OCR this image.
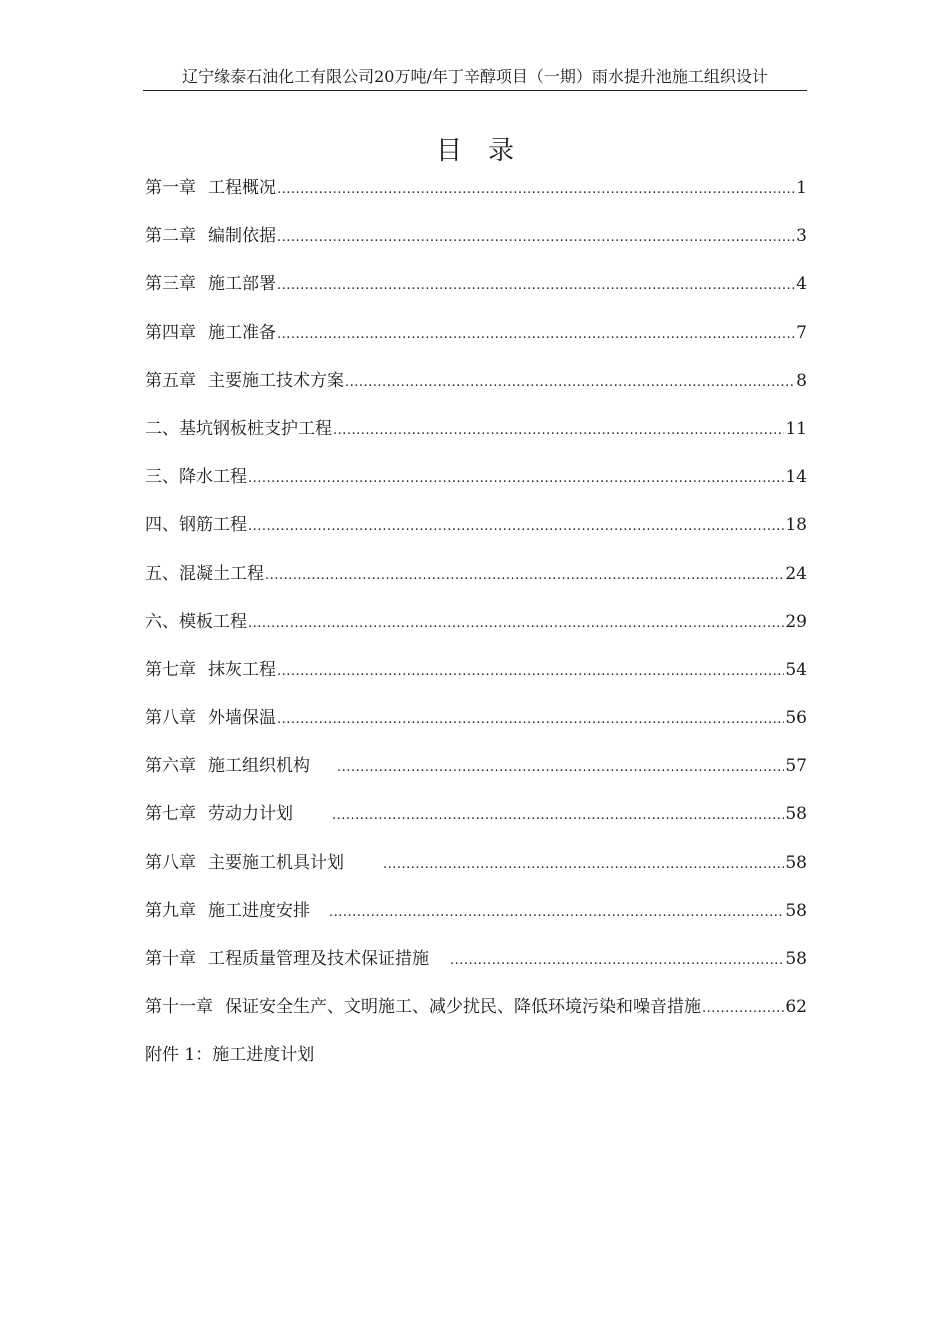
辽宁缘泰石油化工有限公司20万吨/年丁辛醇项目（一期）雨水提升池施工组织设计
目录
第一章 工程概况 .....	1
第二章 编制依据 .....	3
第三章 施工部署 .....	4
第四章 施工准备 .....	7
第五章 主要施工技术方案 .....	8
二、基坑钢板桩支护工程 .....	11
三、降水工程 .....	14
四、钢筋工程 .....	18
五、混凝土工程 .....	24
六、模板工程 .....	29
第七章 抹灰工程 .....	54
第八章 外墙保温 .....	56
第六章 施工组织机构 .....	57
第七章 劳动力计划 .....	58
第八章 主要施工机具计划 .....	58
第九章 施工进度安排 .....	58
第十章 工程质量管理及技术保证措施 .....	58
第十一章 保证安全生产、文明施工、减少扰民、降低环境污染和噪音措施 .....	62
附件 1：施工进度计划
